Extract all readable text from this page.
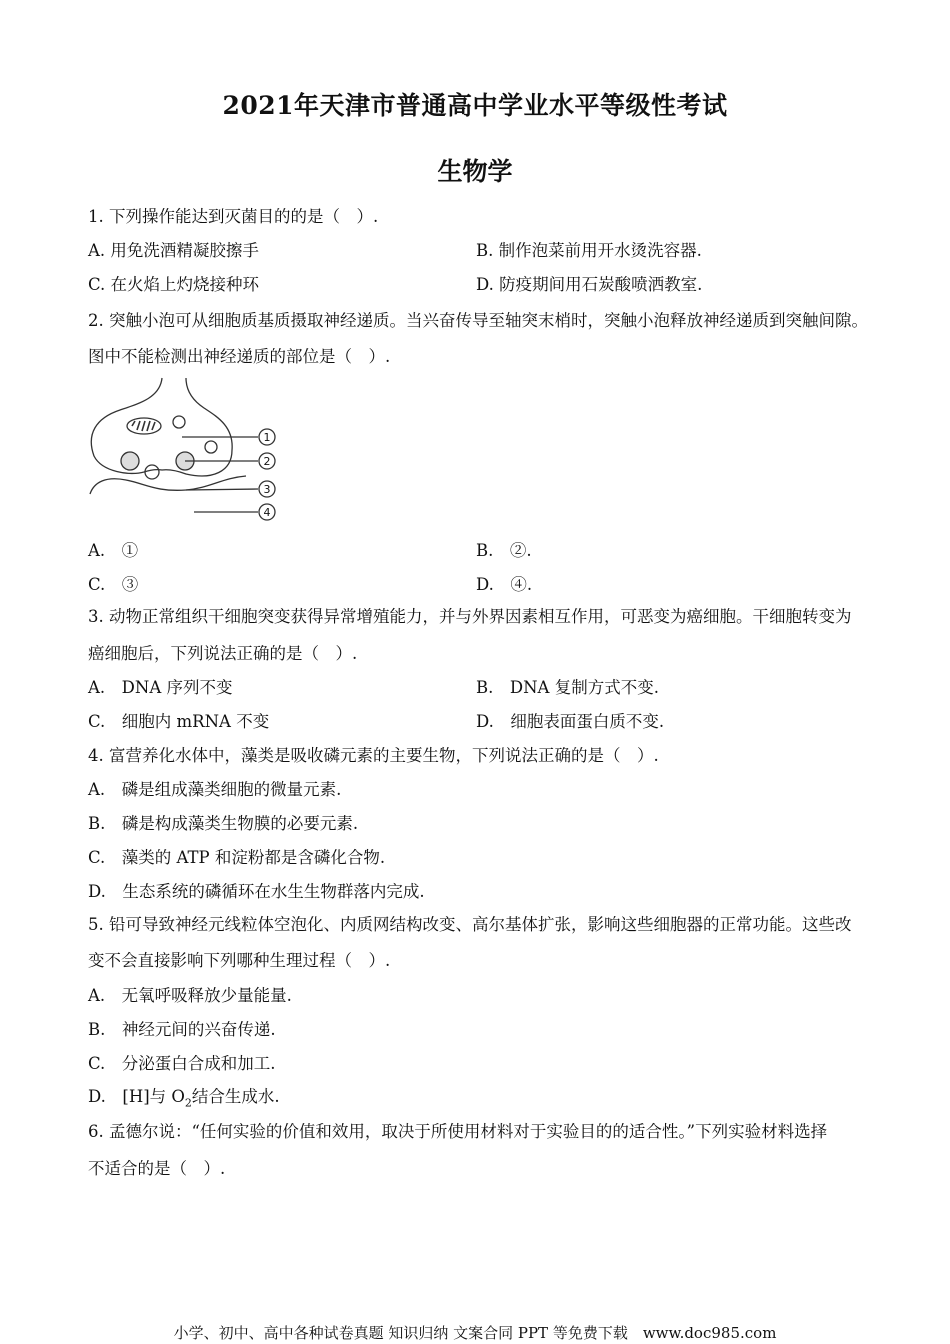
2021年天津市普通高中学业水平等级性考试
生物学
1. 下列操作能达到灭菌目的的是（　）.
A. 用免洗酒精凝胶擦手	B. 制作泡菜前用开水烫洗容器.
C. 在火焰上灼烧接种环	D. 防疫期间用石炭酸喷洒教室.
2. 突触小泡可从细胞质基质摄取神经递质。当兴奋传导至轴突末梢时，突触小泡释放神经递质到突触间隙。
图中不能检测出神经递质的部位是（　）.
1
2
3
4
A.　①	B.　②.
C.　③	D.　④.
3. 动物正常组织干细胞突变获得异常增殖能力，并与外界因素相互作用，可恶变为癌细胞。干细胞转变为
癌细胞后，下列说法正确的是（　）.
A.　DNA 序列不变	B.　DNA 复制方式不变.
C.　细胞内 mRNA 不变	D.　细胞表面蛋白质不变.
4. 富营养化水体中，藻类是吸收磷元素的主要生物，下列说法正确的是（　）.
A.　磷是组成藻类细胞的微量元素.
B.　磷是构成藻类生物膜的必要元素.
C.　藻类的 ATP 和淀粉都是含磷化合物.
D.　生态系统的磷循环在水生生物群落内完成.
5. 铅可导致神经元线粒体空泡化、内质网结构改变、高尔基体扩张，影响这些细胞器的正常功能。这些改
变不会直接影响下列哪种生理过程（　）.
A.　无氧呼吸释放少量能量.
B.　神经元间的兴奋传递.
C.　分泌蛋白合成和加工.
D.　[H]与 $O_2$结合生成水.
6. 孟德尔说：“任何实验的价值和效用，取决于所使用材料对于实验目的的适合性。”下列实验材料选择
不适合的是（　）.
小学、初中、高中各种试卷真题 知识归纳 文案合同 PPT 等免费下载　www.doc985.com
